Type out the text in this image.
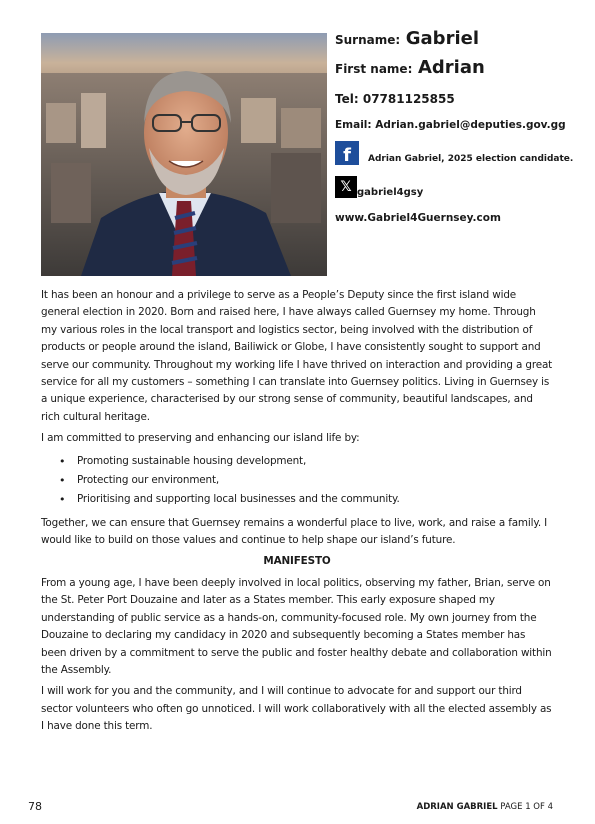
Surname: Gabriel
First name: Adrian
Tel: 07781125855
Email: Adrian.gabriel@deputies.gov.gg
f	Adrian Gabriel, 2025 election candidate.
𝕏 gabriel4gsy
www.Gabriel4Guernsey.com

It has been an honour and a privilege to serve as a People’s Deputy since the first island wide general election in 2020. Born and raised here, I have always called Guernsey my home. Through my various roles in the local transport and logistics sector, being involved with the distribution of products or people around the island, Bailiwick or Globe, I have consistently sought to support and serve our community. Throughout my working life I have thrived on interaction and providing a great service for all my customers – something I can translate into Guernsey politics. Living in Guernsey is a unique experience, characterised by our strong sense of community, beautiful landscapes, and rich cultural heritage.

I am committed to preserving and enhancing our island life by:

• Promoting sustainable housing development,
• Protecting our environment,
• Prioritising and supporting local businesses and the community.

Together, we can ensure that Guernsey remains a wonderful place to live, work, and raise a family. I would like to build on those values and continue to help shape our island’s future.

MANIFESTO

From a young age, I have been deeply involved in local politics, observing my father, Brian, serve on the St. Peter Port Douzaine and later as a States member. This early exposure shaped my understanding of public service as a hands-on, community-focused role. My own journey from the Douzaine to declaring my candidacy in 2020 and subsequently becoming a States member has been driven by a commitment to serve the public and foster healthy debate and collaboration within the Assembly.

I will work for you and the community, and I will continue to advocate for and support our third sector volunteers who often go unnoticed. I will work collaboratively with all the elected assembly as I have done this term.

78	ADRIAN GABRIEL PAGE 1 OF 4
